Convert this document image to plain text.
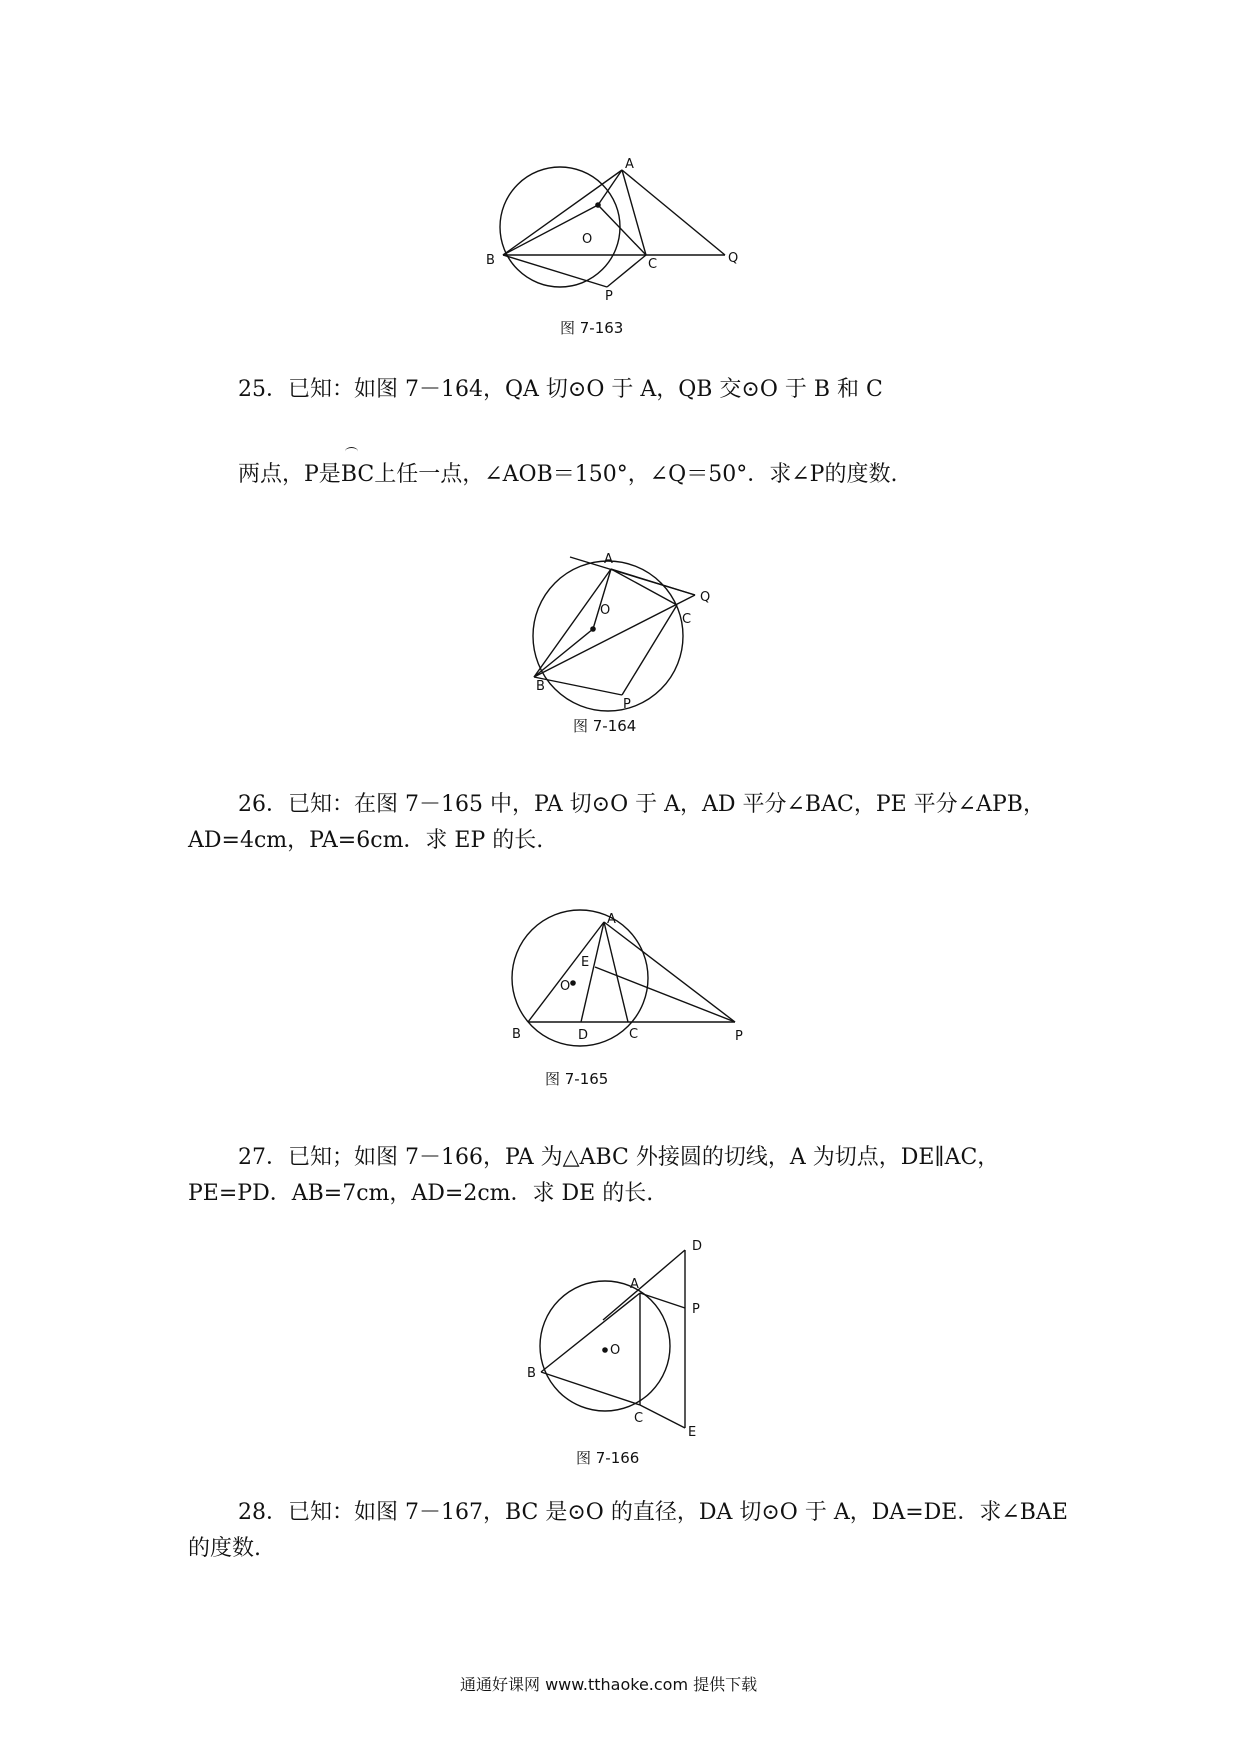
A
B	C
O
P
Q
图 7-163
25．已知：如图 7－164，QA 切⊙O 于 A，QB 交⊙O 于 B 和 C
两点，P是BC上任一点，∠AOB＝150°，∠Q＝50°．求∠P的度数.
A
B
C
O
P
Q
图 7-164
26．已知：在图 7－165 中，PA 切⊙O 于 A，AD 平分∠BAC，PE 平分∠APB，
AD=4cm，PA=6cm．求 EP 的长.
A
B	C
D
E
O
P
图 7-165
27．已知；如图 7－166，PA 为△ABC 外接圆的切线，A 为切点，DE∥AC，
PE=PD．AB=7cm，AD=2cm．求 DE 的长.
A
B
C
D
E
O
P
图 7-166
28．已知：如图 7－167，BC 是⊙O 的直径，DA 切⊙O 于 A，DA=DE．求∠BAE
的度数.
通通好课网 www.tthaoke.com 提供下载
